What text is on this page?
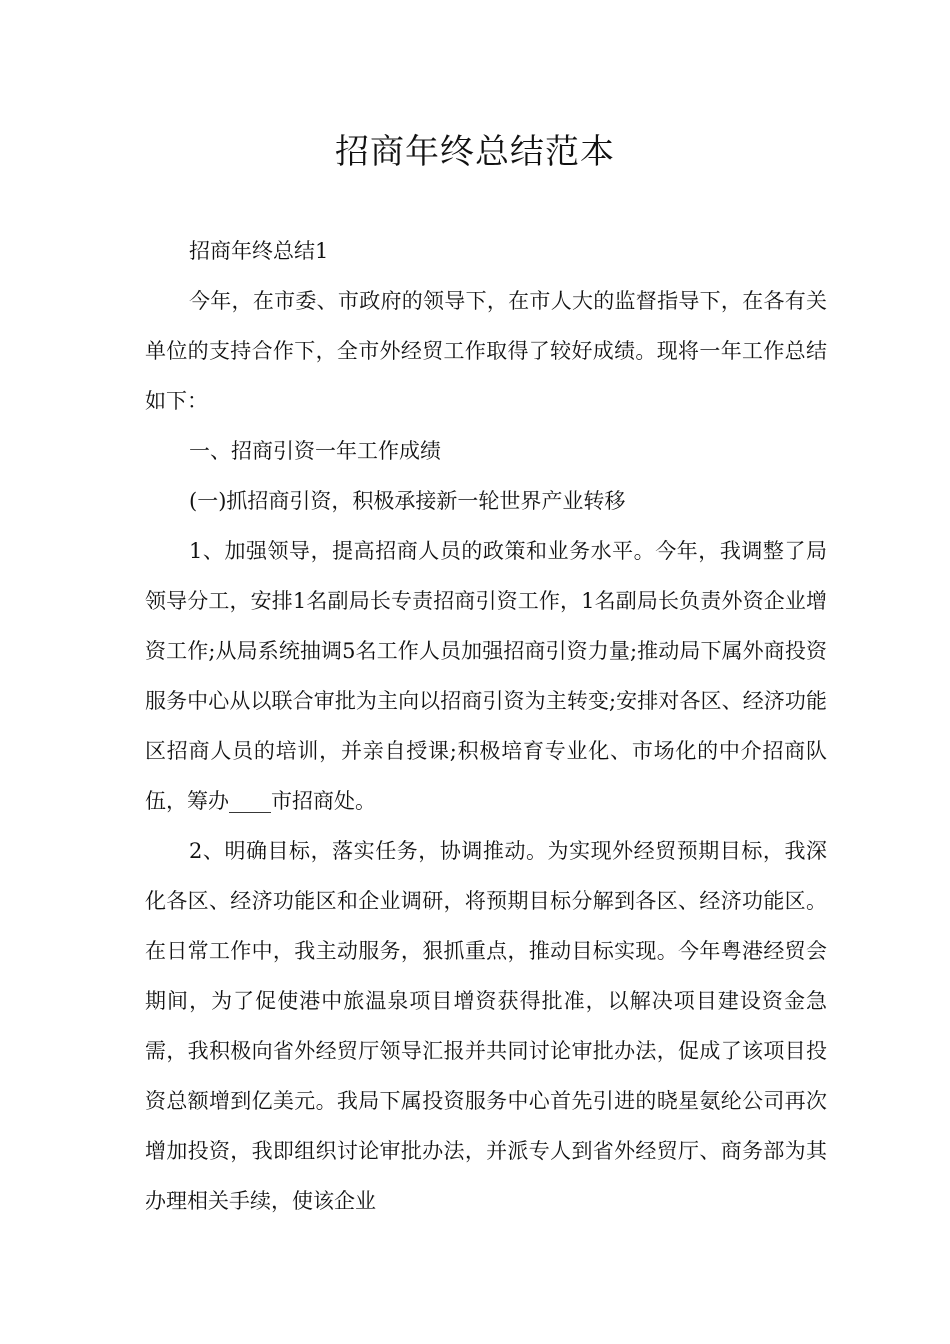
招商年终总结范本

招商年终总结1

今年，在市委、市政府的领导下，在市人大的监督指导下，在各有关单位的支持合作下，全市外经贸工作取得了较好成绩。现将一年工作总结如下：

一、招商引资一年工作成绩

(一)抓招商引资，积极承接新一轮世界产业转移

1、加强领导，提高招商人员的政策和业务水平。今年，我调整了局领导分工，安排1名副局长专责招商引资工作，1名副局长负责外资企业增资工作;从局系统抽调5名工作人员加强招商引资力量;推动局下属外商投资服务中心从以联合审批为主向以招商引资为主转变;安排对各区、经济功能区招商人员的培训，并亲自授课;积极培育专业化、市场化的中介招商队伍，筹办____市招商处。

2、明确目标，落实任务，协调推动。为实现外经贸预期目标，我深化各区、经济功能区和企业调研，将预期目标分解到各区、经济功能区。在日常工作中，我主动服务，狠抓重点，推动目标实现。今年粤港经贸会期间，为了促使港中旅温泉项目增资获得批准，以解决项目建设资金急需，我积极向省外经贸厅领导汇报并共同讨论审批办法，促成了该项目投资总额增到亿美元。我局下属投资服务中心首先引进的晓星氨纶公司再次增加投资，我即组织讨论审批办法，并派专人到省外经贸厅、商务部为其办理相关手续，使该企业
